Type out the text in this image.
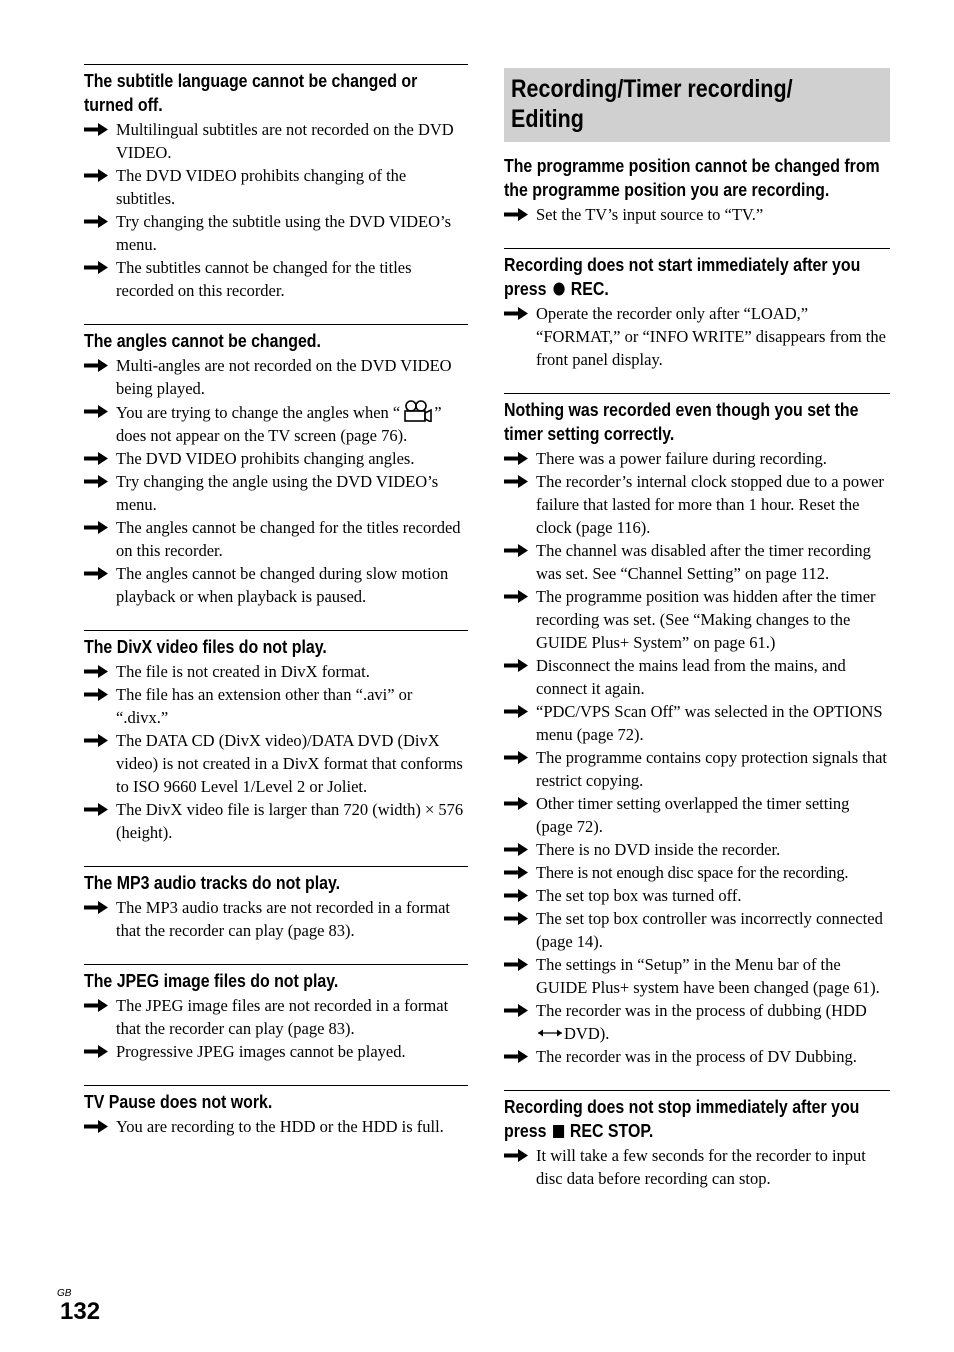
The subtitle language cannot be changed or turned off.
Multilingual subtitles are not recorded on the DVD VIDEO.
The DVD VIDEO prohibits changing of the subtitles.
Try changing the subtitle using the DVD VIDEO’s menu.
The subtitles cannot be changed for the titles recorded on this recorder.
The angles cannot be changed.
Multi-angles are not recorded on the DVD VIDEO being played.
You are trying to change the angles when “ ” does not appear on the TV screen (page 76).
The DVD VIDEO prohibits changing angles.
Try changing the angle using the DVD VIDEO’s menu.
The angles cannot be changed for the titles recorded on this recorder.
The angles cannot be changed during slow motion playback or when playback is paused.
The DivX video files do not play.
The file is not created in DivX format.
The file has an extension other than “.avi” or “.divx.”
The DATA CD (DivX video)/DATA DVD (DivX video) is not created in a DivX format that conforms to ISO 9660 Level 1/Level 2 or Joliet.
The DivX video file is larger than 720 (width) × 576 (height).
The MP3 audio tracks do not play.
The MP3 audio tracks are not recorded in a format that the recorder can play (page 83).
The JPEG image files do not play.
The JPEG image files are not recorded in a format that the recorder can play (page 83).
Progressive JPEG images cannot be played.
TV Pause does not work.
You are recording to the HDD or the HDD is full.
Recording/Timer recording/
Editing
The programme position cannot be changed from the programme position you are recording.
Set the TV’s input source to “TV.”
Recording does not start immediately after you press  REC.
Operate the recorder only after “LOAD,” “FORMAT,” or “INFO WRITE” disappears from the front panel display.
Nothing was recorded even though you set the timer setting correctly.
There was a power failure during recording.
The recorder’s internal clock stopped due to a power failure that lasted for more than 1 hour. Reset the clock (page 116).
The channel was disabled after the timer recording was set. See “Channel Setting” on page 112.
The programme position was hidden after the timer recording was set. (See “Making changes to the GUIDE Plus+ System” on page 61.)
Disconnect the mains lead from the mains, and connect it again.
“PDC/VPS Scan Off” was selected in the OPTIONS menu (page 72).
The programme contains copy protection signals that restrict copying.
Other timer setting overlapped the timer setting (page 72).
There is no DVD inside the recorder.
There is not enough disc space for the recording.
The set top box was turned off.
The set top box controller was incorrectly connected (page 14).
The settings in “Setup” in the Menu bar of the GUIDE Plus+ system have been changed (page 61).
The recorder was in the process of dubbing (HDDDVD).
The recorder was in the process of DV Dubbing.
Recording does not stop immediately after you press  REC STOP.
It will take a few seconds for the recorder to input disc data before recording can stop.
GB
132
